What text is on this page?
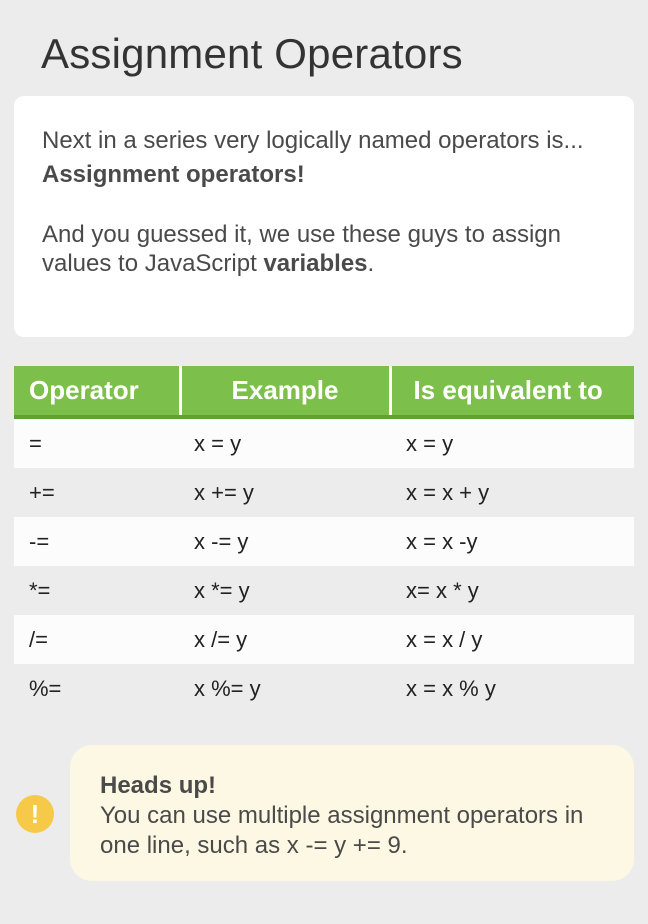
Assignment Operators

Next in a series very logically named operators is...

Assignment operators!

And you guessed it, we use these guys to assign values to JavaScript variables.

Operator	Example	Is equivalent to
=	x = y	x = y
+=	x += y	x = x + y
-=	x -= y	x = x -y
*=	x *= y	x= x * y
/=	x /= y	x = x / y
%=	x %= y	x = x % y
!
Heads up!
You can use multiple assignment operators in one line, such as x -= y += 9.
